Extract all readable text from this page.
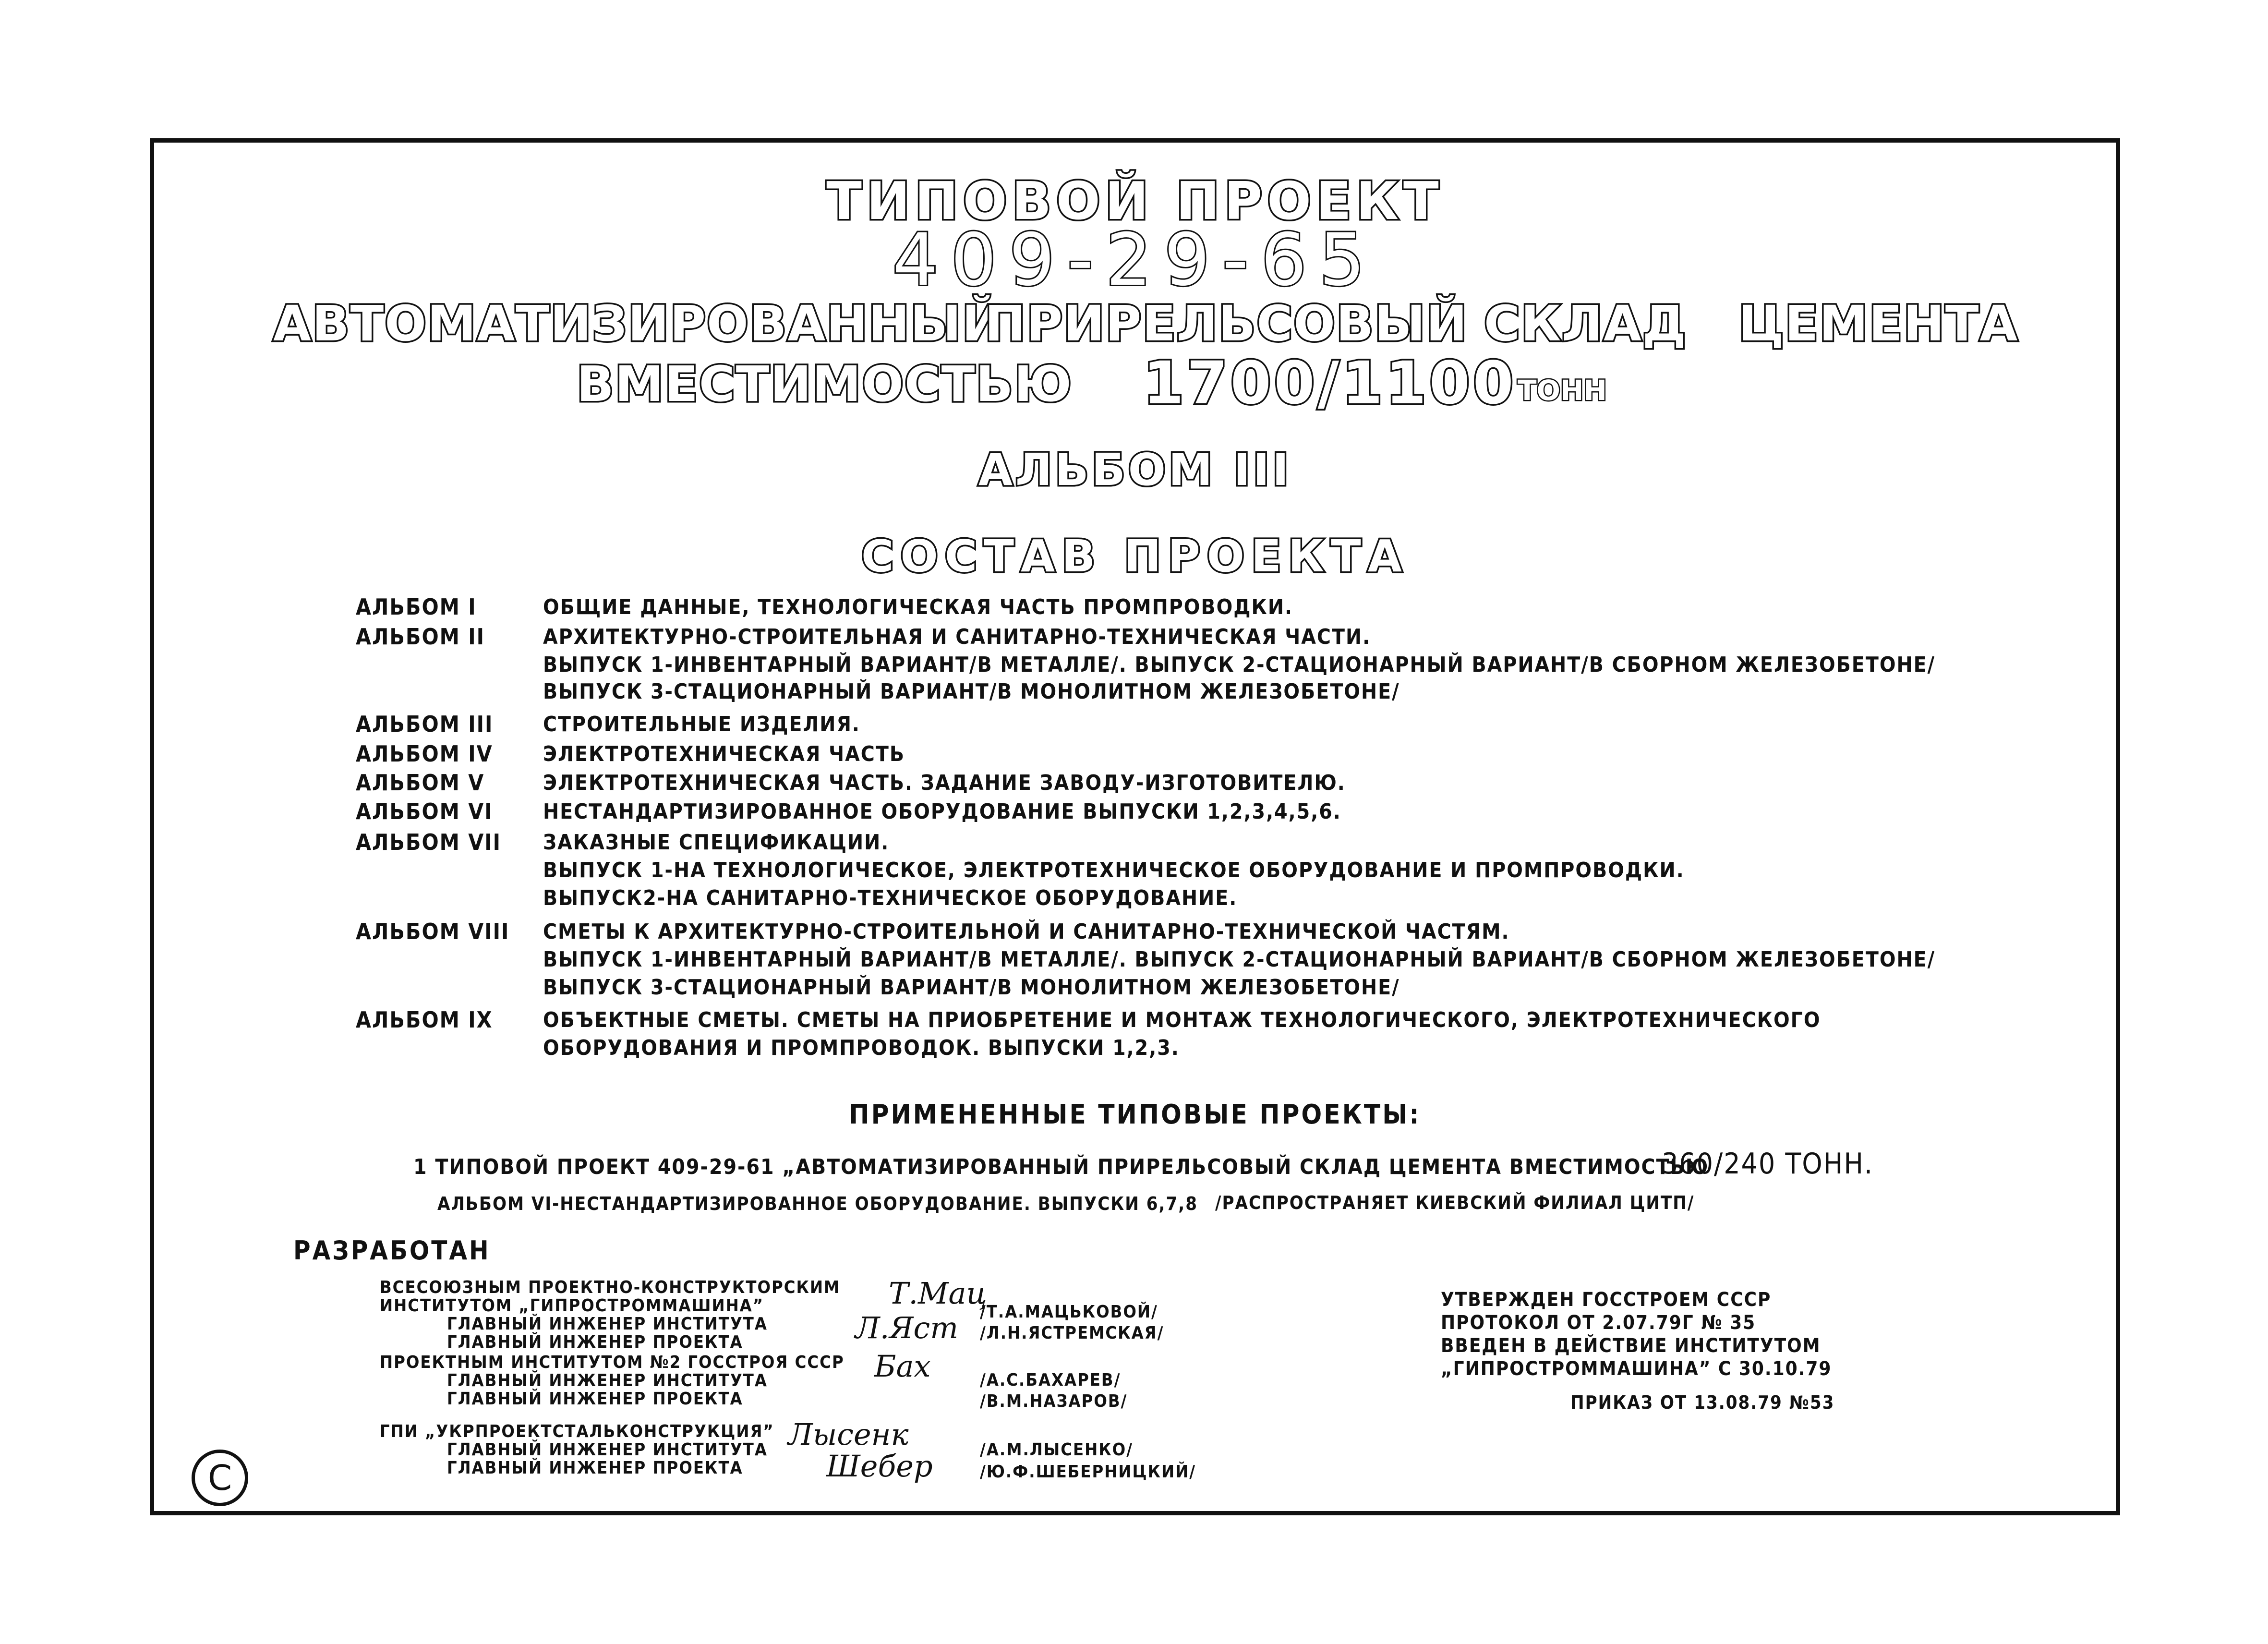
ТИПОВОЙ ПРОЕКТ
409-29-65
АВТОМАТИЗИРОВАННЫЙ
ПРИРЕЛЬСОВЫЙ СКЛАД ЦЕМЕНТА
ВМЕСТИМОСТЬЮ 1700/1100 ТОНН
АЛЬБОМ III
СОСТАВ ПРОЕКТА
АЛЬБОМ I	ОБЩИЕ ДАННЫЕ, ТЕХНОЛОГИЧЕСКАЯ ЧАСТЬ ПРОМПРОВОДКИ.
АЛЬБОМ II	АРХИТЕКТУРНО-СТРОИТЕЛЬНАЯ И САНИТАРНО-ТЕХНИЧЕСКАЯ ЧАСТИ.
ВЫПУСК 1-ИНВЕНТАРНЫЙ ВАРИАНТ/В МЕТАЛЛЕ/. ВЫПУСК 2-СТАЦИОНАРНЫЙ ВАРИАНТ/В СБОРНОМ ЖЕЛЕЗОБЕТОНЕ/
ВЫПУСК 3-СТАЦИОНАРНЫЙ ВАРИАНТ/В МОНОЛИТНОМ ЖЕЛЕЗОБЕТОНЕ/
АЛЬБОМ III СТРОИТЕЛЬНЫЕ ИЗДЕЛИЯ.
АЛЬБОМ IV ЭЛЕКТРОТЕХНИЧЕСКАЯ ЧАСТЬ
АЛЬБОМ V	ЭЛЕКТРОТЕХНИЧЕСКАЯ ЧАСТЬ. ЗАДАНИЕ ЗАВОДУ-ИЗГОТОВИТЕЛЮ.
АЛЬБОМ VI НЕСТАНДАРТИЗИРОВАННОЕ ОБОРУДОВАНИЕ ВЫПУСКИ 1,2,3,4,5,6.
АЛЬБОМ VII ЗАКАЗНЫЕ СПЕЦИФИКАЦИИ.
ВЫПУСК 1-НА ТЕХНОЛОГИЧЕСКОЕ, ЭЛЕКТРОТЕХНИЧЕСКОЕ ОБОРУДОВАНИЕ И ПРОМПРОВОДКИ.
ВЫПУСК2-НА САНИТАРНО-ТЕХНИЧЕСКОЕ ОБОРУДОВАНИЕ.
АЛЬБОМ VIII СМЕТЫ К АРХИТЕКТУРНО-СТРОИТЕЛЬНОЙ И САНИТАРНО-ТЕХНИЧЕСКОЙ ЧАСТЯМ.
ВЫПУСК 1-ИНВЕНТАРНЫЙ ВАРИАНТ/В МЕТАЛЛЕ/. ВЫПУСК 2-СТАЦИОНАРНЫЙ ВАРИАНТ/В СБОРНОМ ЖЕЛЕЗОБЕТОНЕ/
ВЫПУСК 3-СТАЦИОНАРНЫЙ ВАРИАНТ/В МОНОЛИТНОМ ЖЕЛЕЗОБЕТОНЕ/
АЛЬБОМ IX ОБЪЕКТНЫЕ СМЕТЫ. СМЕТЫ НА ПРИОБРЕТЕНИЕ И МОНТАЖ ТЕХНОЛОГИЧЕСКОГО, ЭЛЕКТРОТЕХНИЧЕСКОГО
ОБОРУДОВАНИЯ И ПРОМПРОВОДОК. ВЫПУСКИ 1,2,3.
ПРИМЕНЕННЫЕ ТИПОВЫЕ ПРОЕКТЫ:
1 ТИПОВОЙ ПРОЕКТ 409-29-61 „АВТОМАТИЗИРОВАННЫЙ ПРИРЕЛЬСОВЫЙ СКЛАД ЦЕМЕНТА ВМЕСТИМОСТЬЮ
360/240 ТОНН.
АЛЬБОМ VI-НЕСТАНДАРТИЗИРОВАННОЕ ОБОРУДОВАНИЕ. ВЫПУСКИ 6,7,8 /РАСПРОСТРАНЯЕТ КИЕВСКИЙ ФИЛИАЛ ЦИТП/
РАЗРАБОТАН
ВСЕСОЮЗНЫМ ПРОЕКТНО-КОНСТРУКТОРСКИМ
ИНСТИТУТОМ „ГИПРОСТРОММАШИНА”
ГЛАВНЫЙ ИНЖЕНЕР ИНСТИТУТА
ГЛАВНЫЙ ИНЖЕНЕР ПРОЕКТА
Т.Мац
Л.Яст /Т.А.МАЦЬКОВОЙ/
/Л.Н.ЯСТРЕМСКАЯ/
ПРОЕКТНЫМ ИНСТИТУТОМ №2 ГОССТРОЯ СССР
ГЛАВНЫЙ ИНЖЕНЕР ИНСТИТУТА
ГЛАВНЫЙ ИНЖЕНЕР ПРОЕКТА
Бах	/А.С.БАХАРЕВ/
/В.М.НАЗАРОВ/
ГПИ „УКРПРОЕКТСТАЛЬКОНСТРУКЦИЯ”
ГЛАВНЫЙ ИНЖЕНЕР ИНСТИТУТА
ГЛАВНЫЙ ИНЖЕНЕР ПРОЕКТА
Лысенк
Шебер	/А.М.ЛЫСЕНКО/
/Ю.Ф.ШЕБЕРНИЦКИЙ/
УТВЕРЖДЕН ГОССТРОЕМ СССР
ПРОТОКОЛ ОТ 2.07.79Г № 35
ВВЕДЕН В ДЕЙСТВИЕ ИНСТИТУТОМ
„ГИПРОСТРОММАШИНА” С 30.10.79
ПРИКАЗ ОТ 13.08.79 №53
C
